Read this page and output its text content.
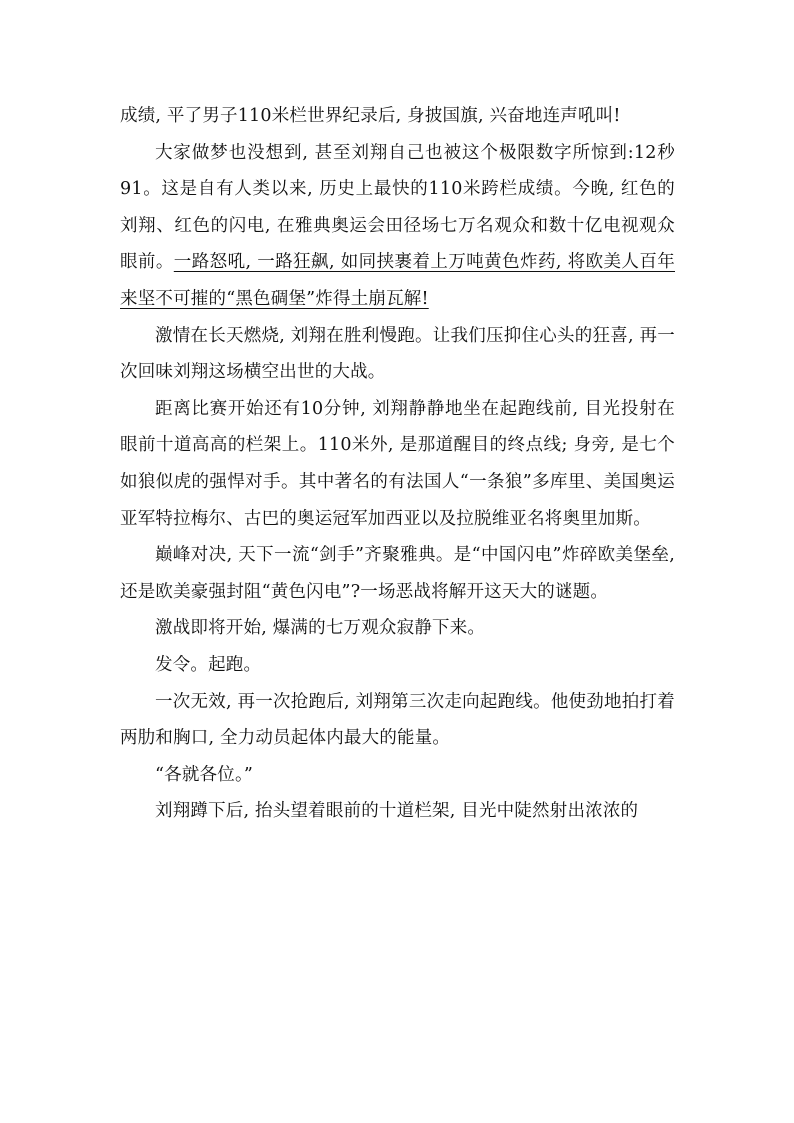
成绩, 平了男子110米栏世界纪录后, 身披国旗, 兴奋地连声吼叫!

大家做梦也没想到, 甚至刘翔自己也被这个极限数字所惊到:12秒91。这是自有人类以来, 历史上最快的110米跨栏成绩。今晚, 红色的刘翔、红色的闪电, 在雅典奥运会田径场七万名观众和数十亿电视观众眼前。一路怒吼, 一路狂飙, 如同挟裹着上万吨黄色炸药, 将欧美人百年来坚不可摧的“黑色碉堡”炸得土崩瓦解!

激情在长天燃烧, 刘翔在胜利慢跑。让我们压抑住心头的狂喜, 再一次回味刘翔这场横空出世的大战。

距离比赛开始还有10分钟, 刘翔静静地坐在起跑线前, 目光投射在眼前十道高高的栏架上。110米外, 是那道醒目的终点线; 身旁, 是七个如狼似虎的强悍对手。其中著名的有法国人“一条狼”多库里、美国奥运亚军特拉梅尔、古巴的奥运冠军加西亚以及拉脱维亚名将奥里加斯。

巅峰对决, 天下一流“剑手”齐聚雅典。是“中国闪电”炸碎欧美堡垒, 还是欧美豪强封阻“黄色闪电”?一场恶战将解开这天大的谜题。

激战即将开始, 爆满的七万观众寂静下来。

发令。起跑。

一次无效, 再一次抢跑后, 刘翔第三次走向起跑线。他使劲地拍打着两肋和胸口, 全力动员起体内最大的能量。

“各就各位。”

刘翔蹲下后, 抬头望着眼前的十道栏架, 目光中陡然射出浓浓的
